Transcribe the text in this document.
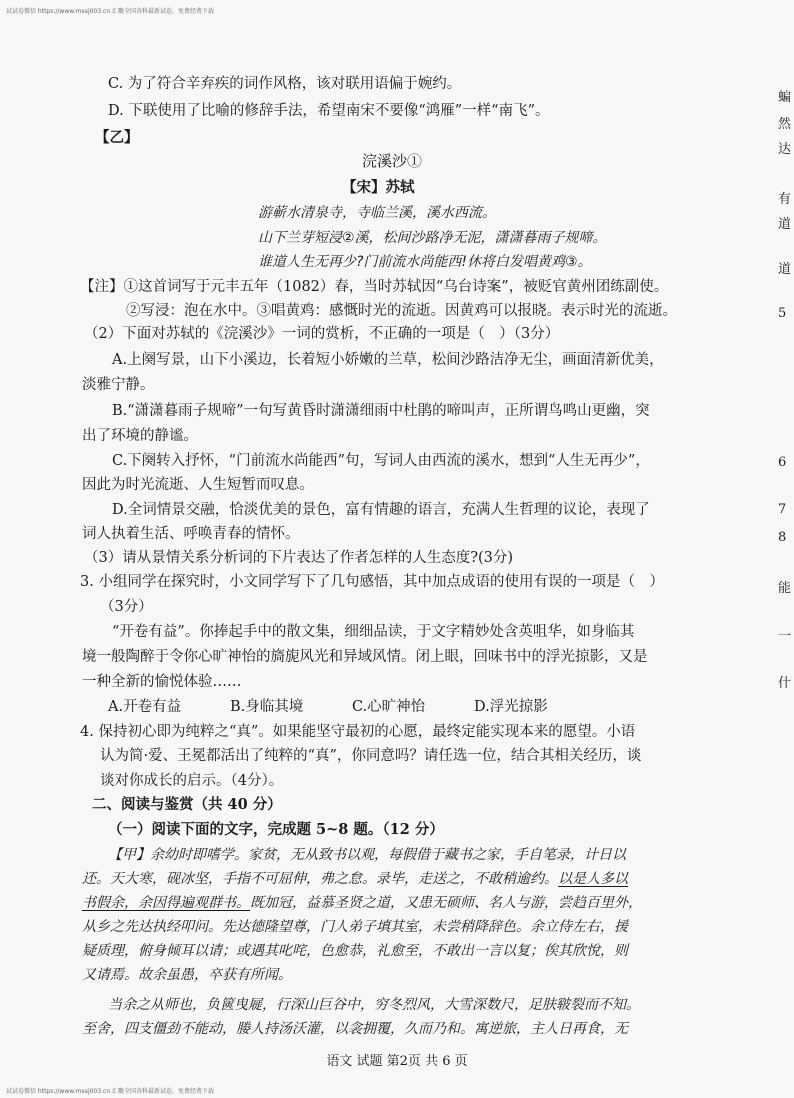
试试卷微信 https://www.mxsj003.cn 汇聚全国各科最新试卷，免费经费下载
C. 为了符合辛弃疾的词作风格，该对联用语偏于婉约。
D. 下联使用了比喻的修辞手法，希望南宋不要像“鸿雁”一样“南飞”。
【乙】
浣溪沙①
【宋】苏轼
游蕲水清泉寺，寺临兰溪，溪水西流。
山下兰芽短浸②溪，松间沙路净无泥，潇潇暮雨子规啼。
谁道人生无再少?门前流水尚能西!休将白发唱黄鸡③。
【注】①这首词写于元丰五年（1082）春，当时苏轼因“乌台诗案”，被贬官黄州团练副使。
②写浸：泡在水中。③唱黄鸡：感慨时光的流逝。因黄鸡可以报晓。表示时光的流逝。
（2）下面对苏轼的《浣溪沙》一词的赏析，不正确的一项是（　）（3分）
A.上阕写景，山下小溪边，长着短小娇嫩的兰草，松间沙路洁净无尘，画面清新优美，
淡雅宁静。
B.“潇潇暮雨子规啼”一句写黄昏时潇潇细雨中杜鹃的啼叫声，正所谓鸟鸣山更幽，突
出了环境的静谧。
C.下阕转入抒怀，“门前流水尚能西”句，写词人由西流的溪水，想到“人生无再少”，
因此为时光流逝、人生短暂而叹息。
D.全词情景交融，恰淡优美的景色，富有情趣的语言，充满人生哲理的议论，表现了
词人执着生活、呼唤青春的情怀。
（3）请从景情关系分析词的下片表达了作者怎样的人生态度?(3分)
3. 小组同学在探究时，小文同学写下了几句感悟，其中加点成语的使用有误的一项是（　）
（3分）
“开卷有益”。你捧起手中的散文集，细细品读，于文字精妙处含英咀华，如身临其
境一般陶醉于令你心旷神怡的旖旎风光和异域风情。闭上眼，回味书中的浮光掠影，又是
一种全新的愉悦体验……
A.开卷有益	B.身临其境	C.心旷神怡	D.浮光掠影
4. 保持初心即为纯粹之“真”。如果能坚守最初的心愿，最终定能实现本来的愿望。小语
认为简·爱、王冕都活出了纯粹的“真”，你同意吗？请任选一位，结合其相关经历，谈
谈对你成长的启示。（4分）。
二、阅读与鉴赏（共 40 分）
（一）阅读下面的文字，完成题 5~8 题。（12 分）
【甲】余幼时即嗜学。家贫，无从致书以观，每假借于藏书之家，手自笔录，计日以
还。天大寒，砚冰坚，手指不可屈伸，弗之怠。录毕，走送之，不敢稍逾约。以是人多以
书假余，余因得遍观群书。既加冠，益慕圣贤之道，又患无硕师、名人与游，尝趋百里外，
从乡之先达执经叩问。先达德隆望尊，门人弟子填其室，未尝稍降辞色。余立侍左右，援
疑质理，俯身倾耳以请；或遇其叱咤，色愈恭，礼愈至，不敢出一言以复；俟其欣悅，则
又请焉。故余虽愚，卒获有所闻。
当余之从师也，负篋曳屣，行深山巨谷中，穷冬烈风，大雪深数尺，足肤皲裂而不知。
至舍，四支僵劲不能动，媵人持汤沃灌，以衾拥覆，久而乃和。寓逆旅，主人日再食，无
语文 试题 第2页 共 6 页
蝙
然
达
有
道
道
5
6
7
8
能
一
什
试试卷微信 https://www.mxsj003.cn 汇聚全国各科最新试卷，免费经费下载
